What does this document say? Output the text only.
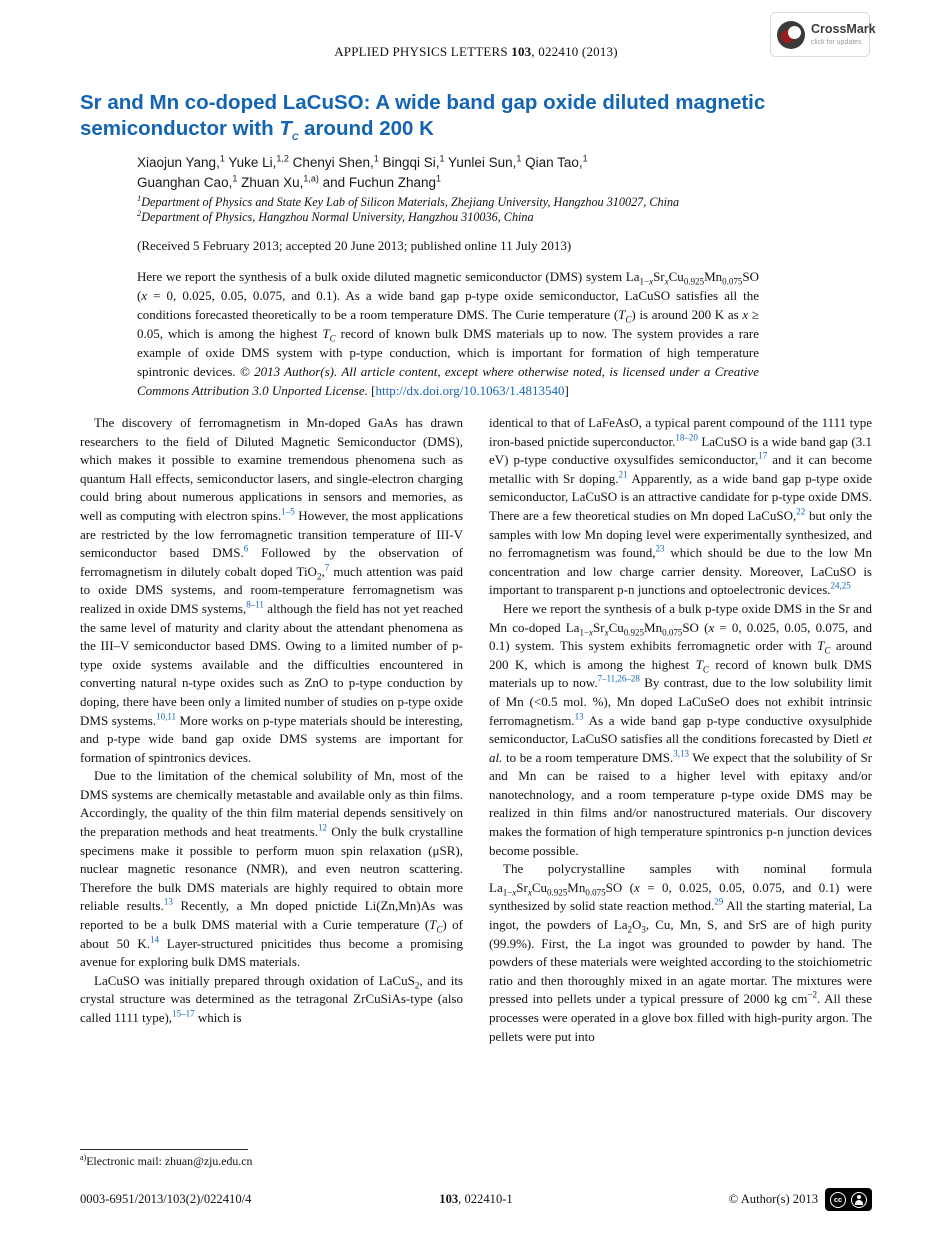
APPLIED PHYSICS LETTERS 103, 022410 (2013)
CrossMark
click for updates
Sr and Mn co-doped LaCuSO: A wide band gap oxide diluted magnetic semiconductor with $T_C$ around 200 K
Xiaojun Yang,$^1$ Yuke Li,$^{1,2}$ Chenyi Shen,$^1$ Bingqi Si,$^1$ Yunlei Sun,$^1$ Qian Tao,$^1$
Guanghan Cao,$^1$ Zhuan Xu,$^{1,a)}$ and Fuchun Zhang$^1$
$^1$Department of Physics and State Key Lab of Silicon Materials, Zhejiang University, Hangzhou 310027, China
$^2$Department of Physics, Hangzhou Normal University, Hangzhou 310036, China
(Received 5 February 2013; accepted 20 June 2013; published online 11 July 2013)

Here we report the synthesis of a bulk oxide diluted magnetic semiconductor (DMS) system $La_{1-x}Sr_xCu_{0.925}Mn_{0.075}SO$ (x = 0, 0.025, 0.05, 0.075, and 0.1). As a wide band gap p-type oxide semiconductor, LaCuSO satisfies all the conditions forecasted theoretically to be a room temperature DMS. The Curie temperature $(T_C)$ is around 200 K as x ≥ 0.05, which is among the highest $T_C$ record of known bulk DMS materials up to now. The system provides a rare example of oxide DMS system with p-type conduction, which is important for formation of high temperature spintronic devices. © 2013 Author(s). All article content, except where otherwise noted, is licensed under a Creative Commons Attribution 3.0 Unported License. [http://dx.doi.org/10.1063/1.4813540]

The discovery of ferromagnetism in Mn-doped GaAs has drawn researchers to the field of Diluted Magnetic Semiconductor (DMS), which makes it possible to examine tremendous phenomena such as quantum Hall effects, semiconductor lasers, and single-electron charging could bring about numerous applications in sensors and memories, as well as computing with electron spins.$^{1-5}$ However, the most applications are restricted by the low ferromagnetic transition temperature of III-V semiconductor based DMS.$^6$ Followed by the observation of ferromagnetism in dilutely cobalt doped TiO$_2$,$^7$ much attention was paid to oxide DMS systems, and room-temperature ferromagnetism was realized in oxide DMS systems,$^{8-11}$ although the field has not yet reached the same level of maturity and clarity about the attendant phenomena as the III–V semiconductor based DMS. Owing to a limited number of p-type oxide systems available and the difficulties encountered in converting natural n-type oxides such as ZnO to p-type conduction by doping, there have been only a limited number of studies on p-type oxide DMS systems.$^{10,11}$ More works on p-type materials should be interesting, and p-type wide band gap oxide DMS systems are important for formation of spintronics devices.

Due to the limitation of the chemical solubility of Mn, most of the DMS systems are chemically metastable and available only as thin films. Accordingly, the quality of the thin film material depends sensitively on the preparation methods and heat treatments.$^{12}$ Only the bulk crystalline specimens make it possible to perform muon spin relaxation (μSR), nuclear magnetic resonance (NMR), and even neutron scattering. Therefore the bulk DMS materials are highly required to obtain more reliable results.$^{13}$ Recently, a Mn doped pnictide Li(Zn,Mn)As was reported to be a bulk DMS material with a Curie temperature $(T_C)$ of about 50 K.$^{14}$ Layer-structured pnicitides thus become a promising avenue for exploring bulk DMS materials.

LaCuSO was initially prepared through oxidation of LaCuS$_2$, and its crystal structure was determined as the tetragonal ZrCuSiAs-type (also called 1111 type),$^{15-17}$ which is

identical to that of LaFeAsO, a typical parent compound of the 1111 type iron-based pnictide superconductor.$^{18-20}$ LaCuSO is a wide band gap (3.1 eV) p-type conductive oxysulfides semiconductor,$^{17}$ and it can become metallic with Sr doping.$^{21}$ Apparently, as a wide band gap p-type oxide semiconductor, LaCuSO is an attractive candidate for p-type oxide DMS. There are a few theoretical studies on Mn doped LaCuSO,$^{22}$ but only the samples with low Mn doping level were experimentally synthesized, and no ferromagnetism was found,$^{23}$ which should be due to the low Mn concentration and low charge carrier density. Moreover, LaCuSO is important to transparent p-n junctions and optoelectronic devices.$^{24,25}$

Here we report the synthesis of a bulk p-type oxide DMS in the Sr and Mn co-doped $La_{1-x}Sr_xCu_{0.925}Mn_{0.075}SO$ (x = 0, 0.025, 0.05, 0.075, and 0.1) system. This system exhibits ferromagnetic order with $T_C$ around 200 K, which is among the highest $T_C$ record of known bulk DMS materials up to now.$^{7-11,26-28}$ By contrast, due to the low solubility limit of Mn (<0.5 mol. %), Mn doped LaCuSeO does not exhibit intrinsic ferromagnetism.$^{13}$ As a wide band gap p-type conductive oxysulphide semiconductor, LaCuSO satisfies all the conditions forecasted by Dietl et al. to be a room temperature DMS.$^{3,13}$ We expect that the solubility of Sr and Mn can be raised to a higher level with epitaxy and/or nanotechnology, and a room temperature p-type oxide DMS may be realized in thin films and/or nanostructured materials. Our discovery makes the formation of high temperature spintronics p-n junction devices become possible.

The polycrystalline samples with nominal formula $La_{1-x}Sr_xCu_{0.925}Mn_{0.075}SO$ (x = 0, 0.025, 0.05, 0.075, and 0.1) were synthesized by solid state reaction method.$^{29}$ All the starting material, La ingot, the powders of $La_2O_3$, Cu, Mn, S, and SrS are of high purity (99.9%). First, the La ingot was grounded to powder by hand. The powders of these materials were weighted according to the stoichiometric ratio and then thoroughly mixed in an agate mortar. The mixtures were pressed into pellets under a typical pressure of 2000 kg $cm^{-2}$. All these processes were operated in a glove box filled with high-purity argon. The pellets were put into

$^{a)}$Electronic mail: zhuan@zju.edu.cn
0003-6951/2013/103(2)/022410/4	103, 022410-1	© Author(s) 2013 cc
